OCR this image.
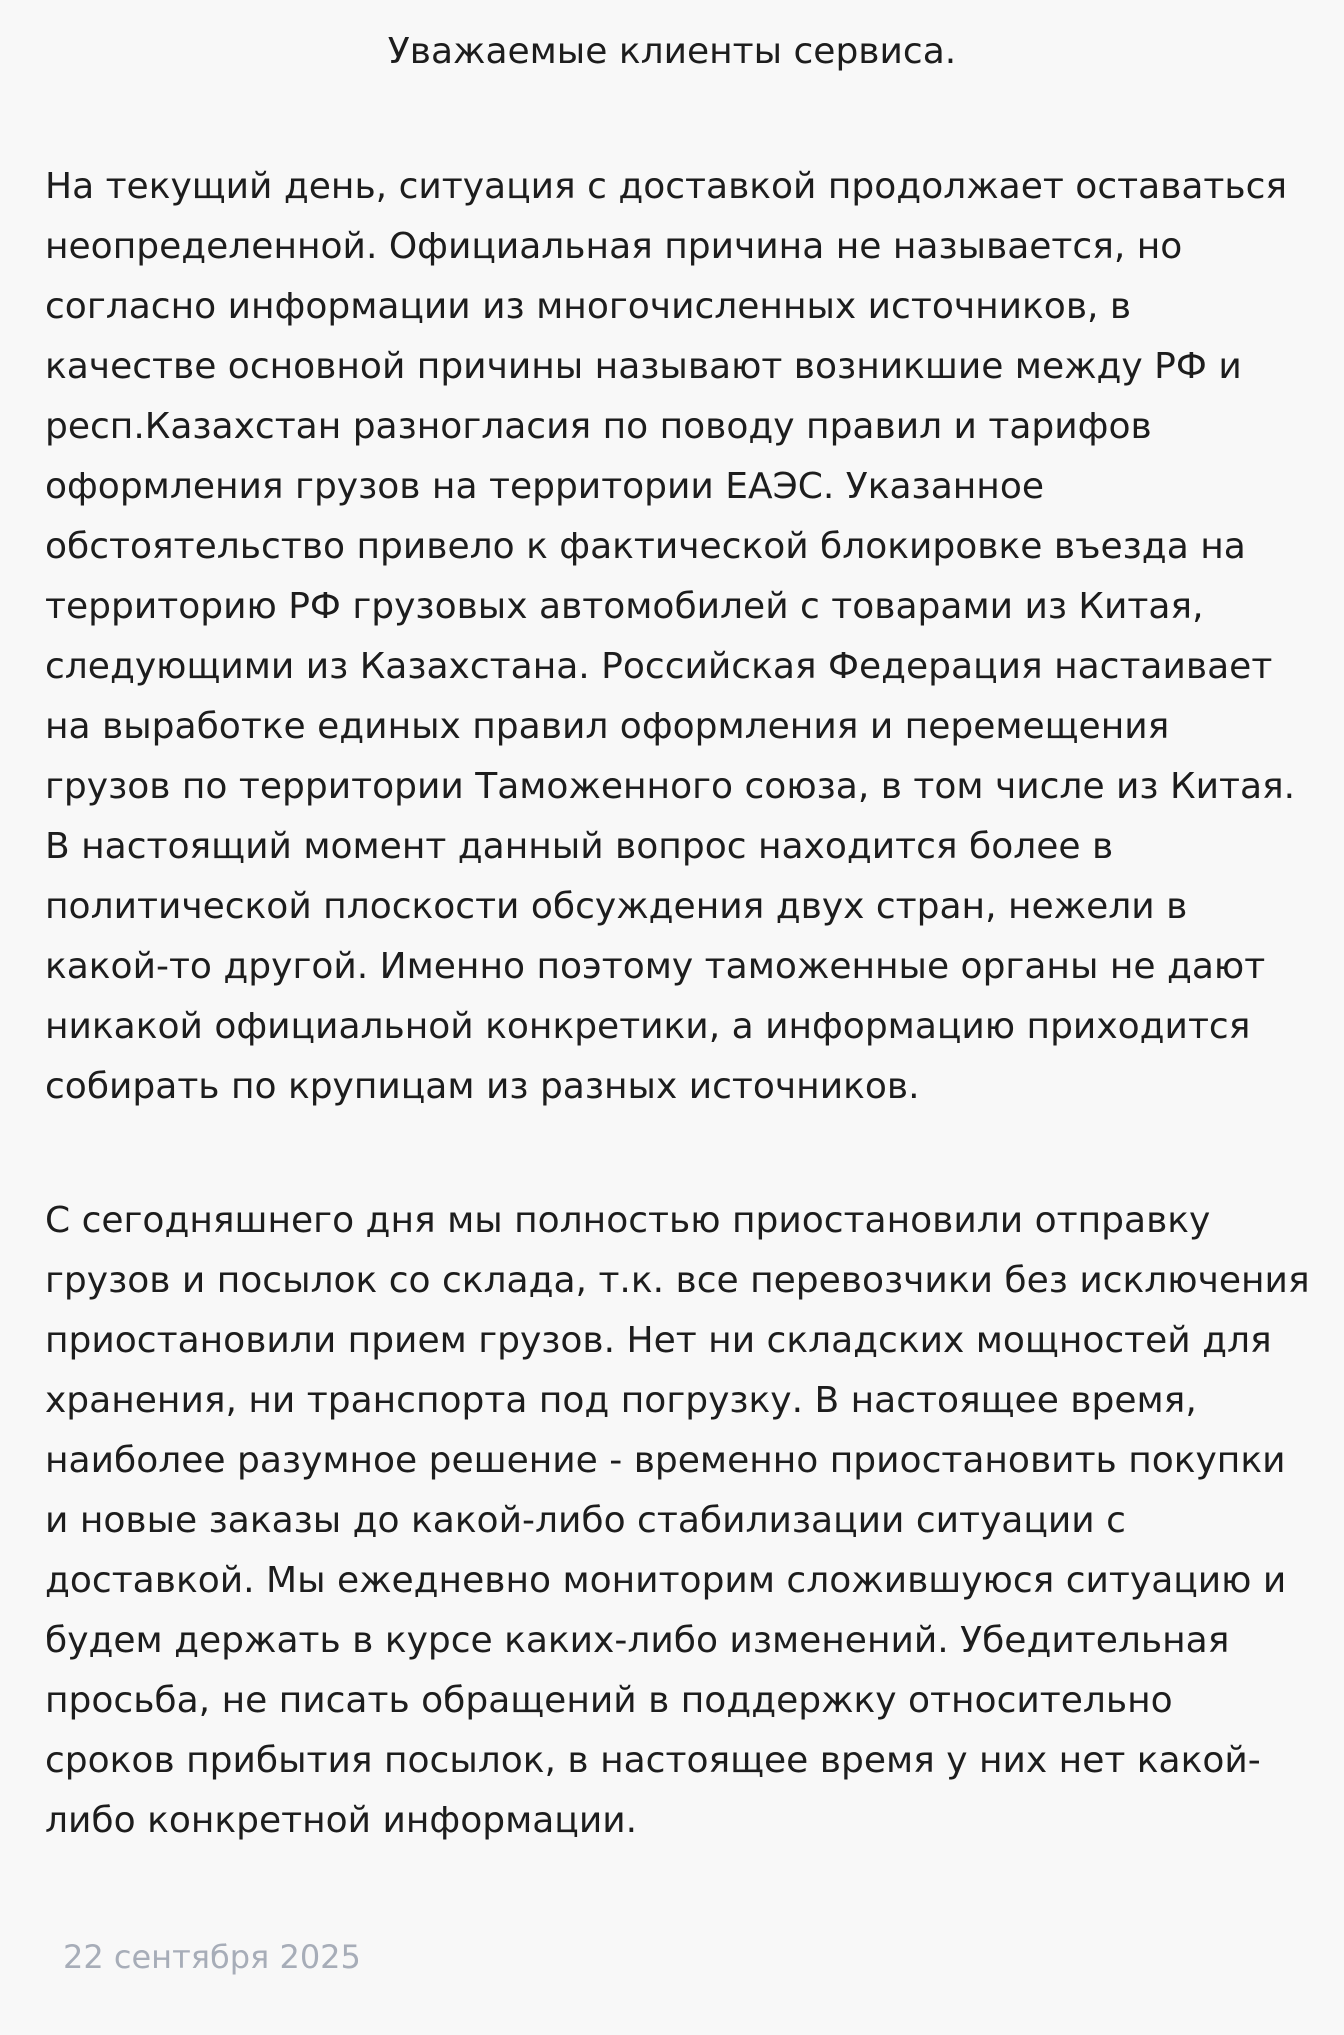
Уважаемые клиенты сервиса.

На текущий день, ситуация с доставкой продолжает оставаться
неопределенной. Официальная причина не называется, но
согласно информации из многочисленных источников, в
качестве основной причины называют возникшие между РФ и
респ.Казахстан разногласия по поводу правил и тарифов
оформления грузов на территории ЕАЭС. Указанное
обстоятельство привело к фактической блокировке въезда на
территорию РФ грузовых автомобилей с товарами из Китая,
следующими из Казахстана. Российская Федерация настаивает
на выработке единых правил оформления и перемещения
грузов по территории Таможенного союза, в том числе из Китая.
В настоящий момент данный вопрос находится более в
политической плоскости обсуждения двух стран, нежели в
какой-то другой. Именно поэтому таможенные органы не дают
никакой официальной конкретики, а информацию приходится
собирать по крупицам из разных источников.

С сегодняшнего дня мы полностью приостановили отправку
грузов и посылок со склада, т.к. все перевозчики без исключения
приостановили прием грузов. Нет ни складских мощностей для
хранения, ни транспорта под погрузку. В настоящее время,
наиболее разумное решение - временно приостановить покупки
и новые заказы до какой-либо стабилизации ситуации с
доставкой. Мы ежедневно мониторим сложившуюся ситуацию и
будем держать в курсе каких-либо изменений. Убедительная
просьба, не писать обращений в поддержку относительно
сроков прибытия посылок, в настоящее время у них нет какой-
либо конкретной информации.

22 сентября 2025
